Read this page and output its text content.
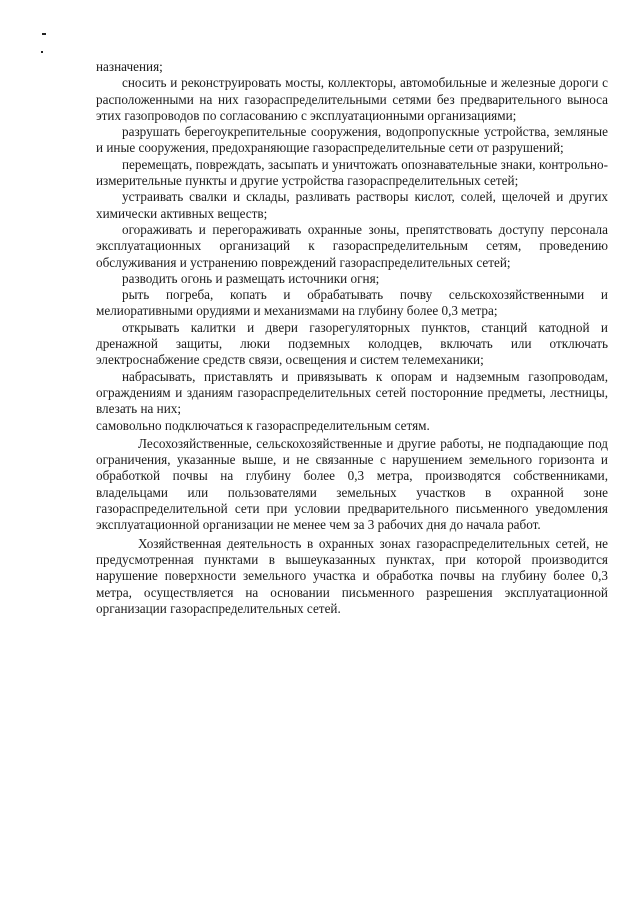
назначения;

сносить и реконструировать мосты, коллекторы, автомобильные и железные дороги с расположенными на них газораспределительными сетями без предварительного выноса этих газопроводов по согласованию с эксплуатационными организациями;

разрушать берегоукрепительные сооружения, водопропускные устройства, земляные и иные сооружения, предохраняющие газораспределительные сети от разрушений;

перемещать, повреждать, засыпать и уничтожать опознавательные знаки, контрольно-измерительные пункты и другие устройства газораспределительных сетей;

устраивать свалки и склады, разливать растворы кислот, солей, щелочей и других химически активных веществ;

огораживать и перегораживать охранные зоны, препятствовать доступу персонала эксплуатационных организаций к газораспределительным сетям, проведению обслуживания и устранению повреждений газораспределительных сетей;

разводить огонь и размещать источники огня;

рыть погреба, копать и обрабатывать почву сельскохозяйственными и мелиоративными орудиями и механизмами на глубину более 0,3 метра;

открывать калитки и двери газорегуляторных пунктов, станций катодной и дренажной защиты, люки подземных колодцев, включать или отключать электроснабжение средств связи, освещения и систем телемеханики;

набрасывать, приставлять и привязывать к опорам и надземным газопроводам, ограждениям и зданиям газораспределительных сетей посторонние предметы, лестницы, влезать на них;

самовольно подключаться к газораспределительным сетям.

Лесохозяйственные, сельскохозяйственные и другие работы, не подпадающие под ограничения, указанные выше, и не связанные с нарушением земельного горизонта и обработкой почвы на глубину более 0,3 метра, производятся собственниками, владельцами или пользователями земельных участков в охранной зоне газораспределительной сети при условии предварительного письменного уведомления эксплуатационной организации не менее чем за 3 рабочих дня до начала работ.

Хозяйственная деятельность в охранных зонах газораспределительных сетей, не предусмотренная пунктами в вышеуказанных пунктах, при которой производится нарушение поверхности земельного участка и обработка почвы на глубину более 0,3 метра, осуществляется на основании письменного разрешения эксплуатационной организации газораспределительных сетей.
